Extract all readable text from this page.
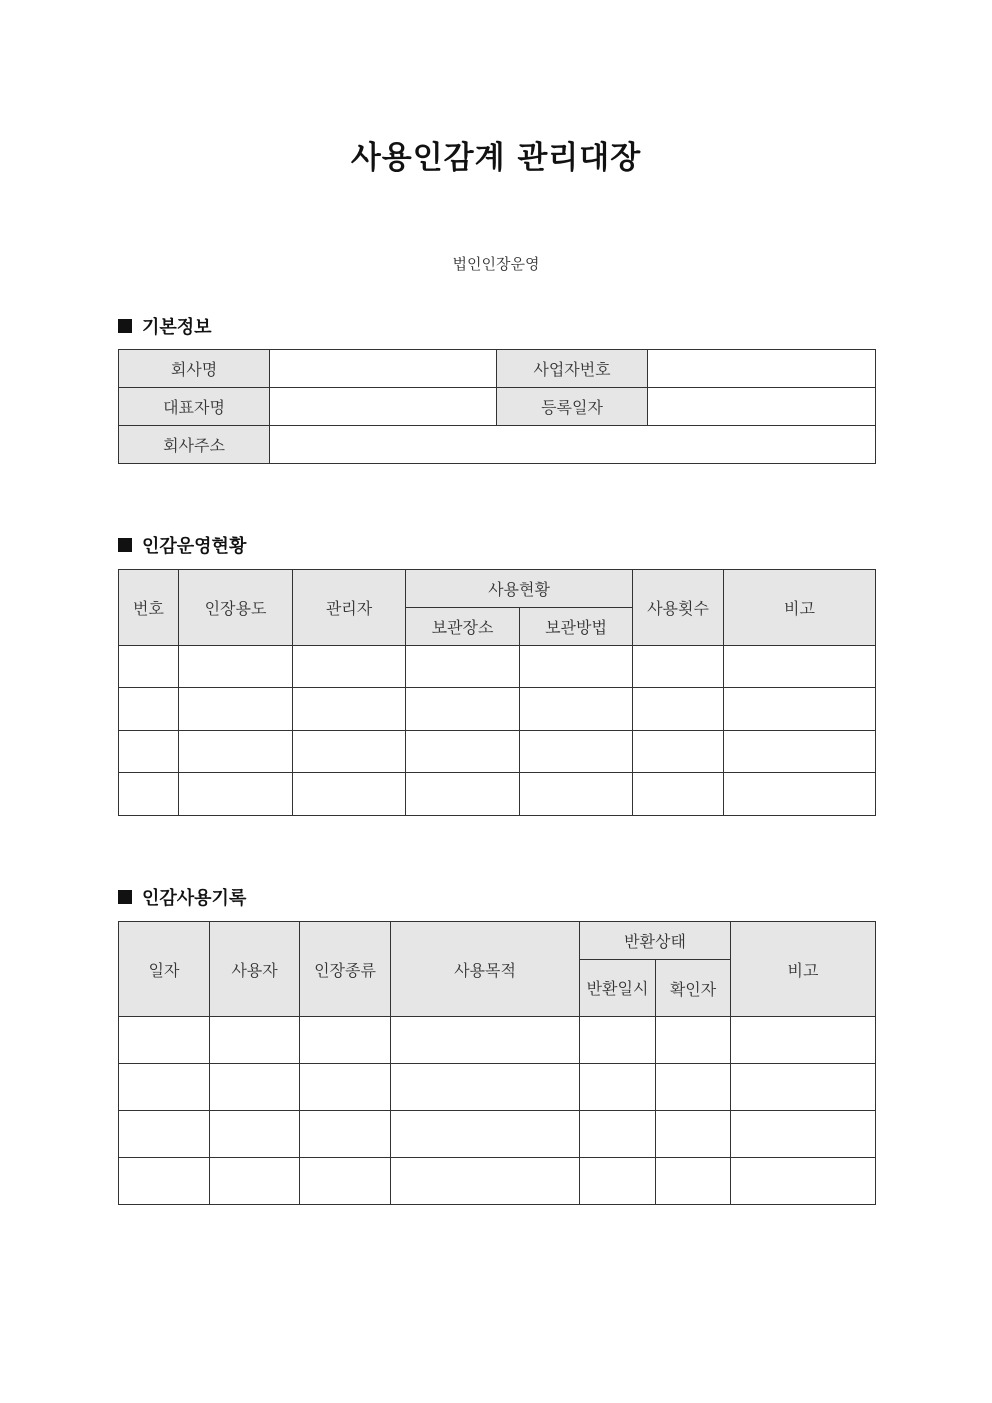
사용인감계 관리대장
법인인장운영
기본정보
회사명		사업자번호	
대표자명		등록일자	
회사주소			
인감운영현황
번호	인장용도	관리자	사용현황		사용횟수	비고
			보관장소	보관방법		

인감사용기록
일자	사용자	인장종류	사용목적	반환상태		비고
				반환일시	확인자	
